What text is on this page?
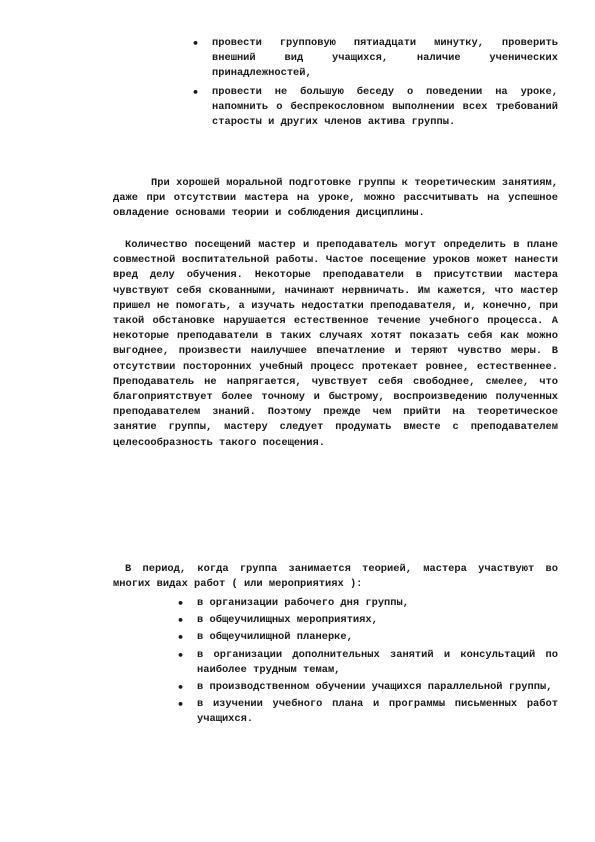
• провести групповую пятиадцати минутку, проверить внешний вид учащихся, наличие ученических принадлежностей,
• провести не большую беседу о поведении на уроке, напомнить о беспрекословном выполнении всех требований старосты и других членов актива группы.

При хорошей моральной подготовке группы к теоретическим занятиям, даже при отсутствии мастера на уроке, можно рассчитывать на успешное овладение основами теории и соблюдения дисциплины.

Количество посещений мастер и преподаватель могут определить в плане совместной воспитательной работы. Частое посещение уроков может нанести вред делу обучения. Некоторые преподаватели в присутствии мастера чувствуют себя скованными, начинают нервничать. Им кажется, что мастер пришел не помогать, а изучать недостатки преподавателя, и, конечно, при такой обстановке нарушается естественное течение учебного процесса. А некоторые преподаватели в таких случаях хотят показать себя как можно выгоднее, произвести наилучшее впечатление и теряют чувство меры. В отсутствии посторонних учебный процесс протекает ровнее, естественнее. Преподаватель не напрягается, чувствует себя свободнее, смелее, что благоприятствует более точному и быстрому, воспроизведению полученных преподавателем знаний. Поэтому прежде чем прийти на теоретическое занятие группы, мастеру следует продумать вместе с преподавателем целесообразность такого посещения.

В период, когда группа занимается теорией, мастера участвуют во многих видах работ ( или мероприятиях ):

• в организации рабочего дня группы,
• в общеучилищных мероприятиях,
• в общеучилищной планерке,
• в организации дополнительных занятий и консультаций по наиболее трудным темам,
• в производственном обучении учащихся параллельной группы,
• в изучении учебного плана и программы письменных работ учащихся.
